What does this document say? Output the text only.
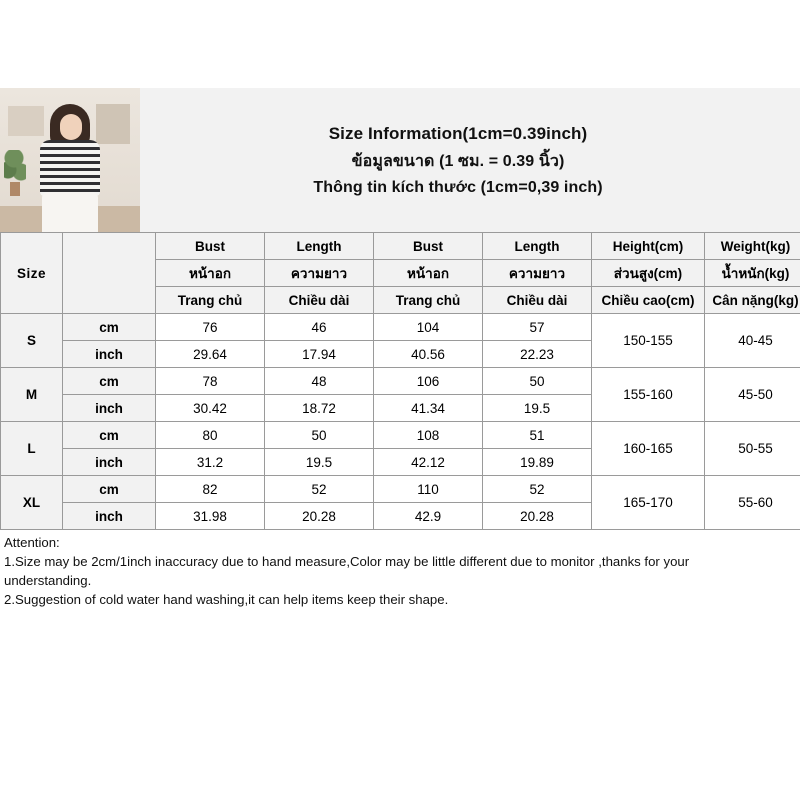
Size Information(1cm=0.39inch)
ข้อมูลขนาด (1 ซม. = 0.39 นิ้ว)
Thông tin kích thước (1cm=0,39 inch)
Size		Bust	Length	Bust	Length	Height(cm)	Weight(kg)
		หน้าอก	ความยาว	หน้าอก	ความยาว	ส่วนสูง(cm)	น้ำหนัก(kg)
		Trang chủ	Chiều dài	Trang chủ	Chiều dài	Chiều cao(cm)	Cân nặng(kg)
S	cm	76	46	104	57	150-155	40-45
	inch	29.64	17.94	40.56	22.23		
M	cm	78	48	106	50	155-160	45-50
	inch	30.42	18.72	41.34	19.5		
L	cm	80	50	108	51	160-165	50-55
	inch	31.2	19.5	42.12	19.89		
XL	cm	82	52	110	52	165-170	55-60
	inch	31.98	20.28	42.9	20.28		

Attention:

1.Size may be 2cm/1inch inaccuracy due to hand measure,Color may be little different due to monitor ,thanks for your

understanding.

2.Suggestion of cold water hand washing,it can help items keep their shape.
